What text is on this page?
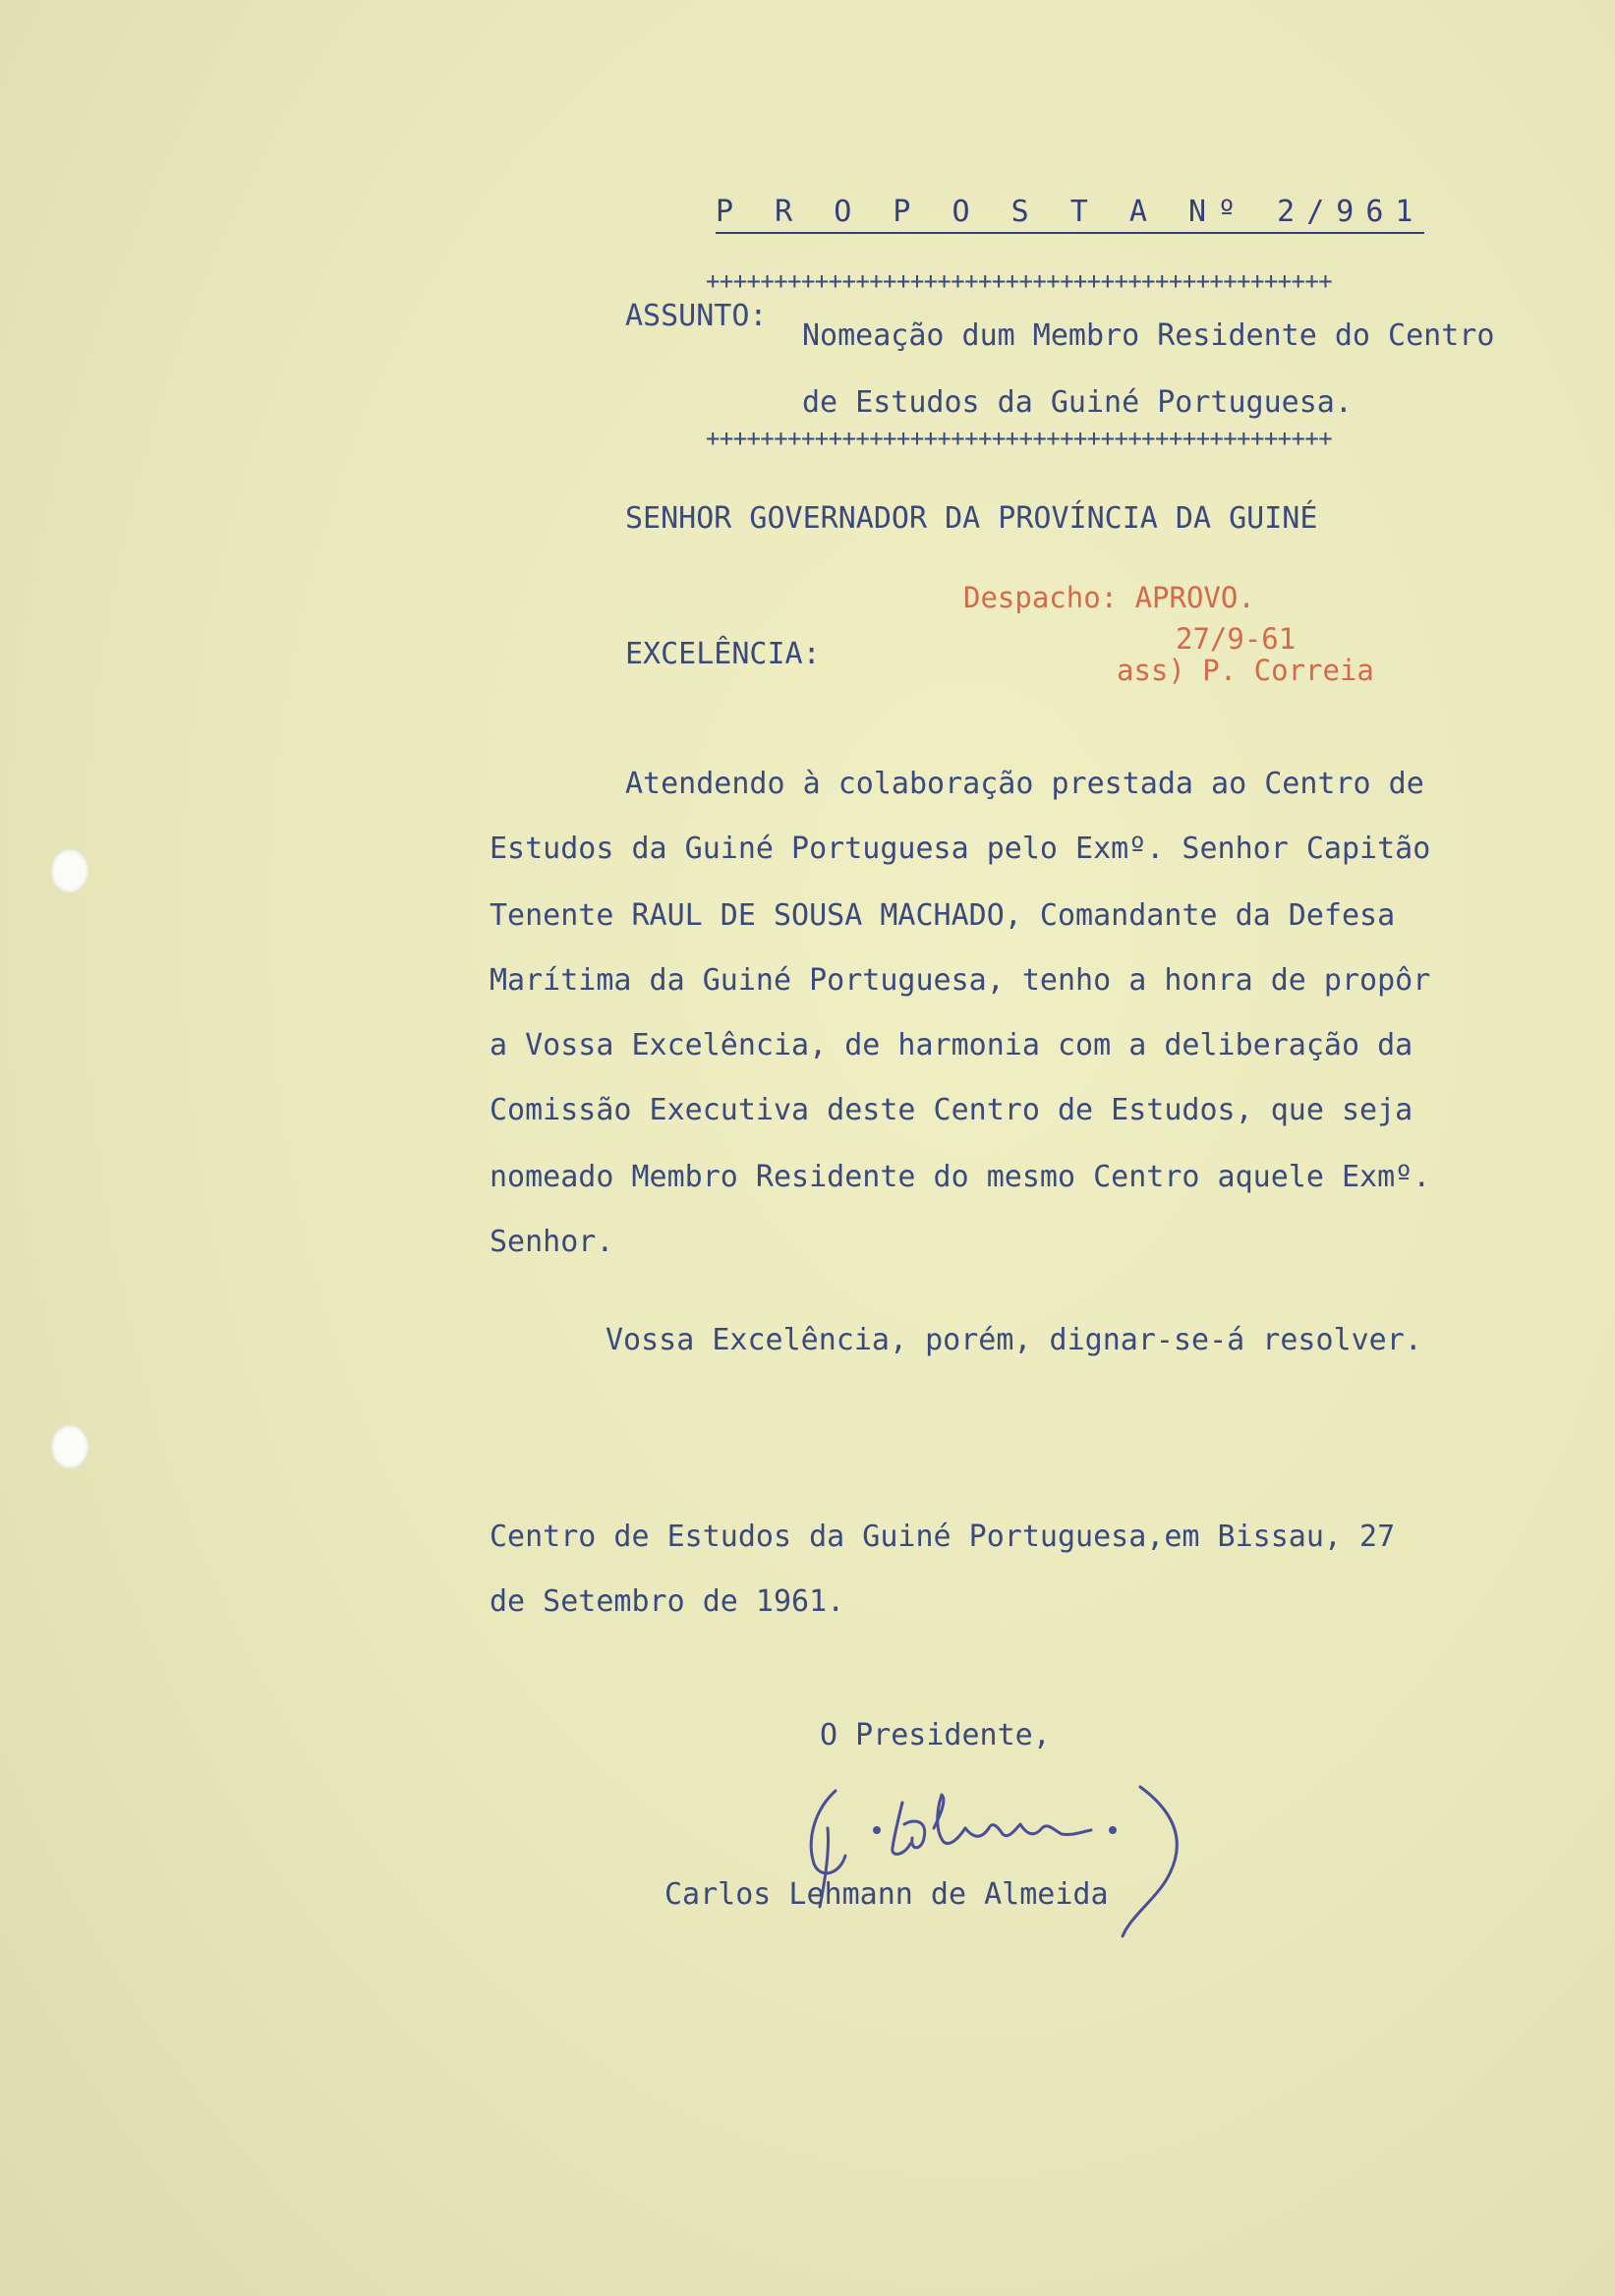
P R O P O S T A Nº 2/961
++++++++++++++++++++++++++++++++++++++++++++++
ASSUNTO:
Nomeação dum Membro Residente do Centro
de Estudos da Guiné Portuguesa.
++++++++++++++++++++++++++++++++++++++++++++++
SENHOR GOVERNADOR DA PROVÍNCIA DA GUINÉ
Despacho: APROVO.
27/9-61
ass) P. Correia
EXCELÊNCIA:
Atendendo à colaboração prestada ao Centro de
Estudos da Guiné Portuguesa pelo Exmº. Senhor Capitão
Tenente RAUL DE SOUSA MACHADO, Comandante da Defesa
Marítima da Guiné Portuguesa, tenho a honra de propôr
a Vossa Excelência, de harmonia com a deliberação da
Comissão Executiva deste Centro de Estudos, que seja
nomeado Membro Residente do mesmo Centro aquele Exmº.
Senhor.
Vossa Excelência, porém, dignar-se-á resolver.
Centro de Estudos da Guiné Portuguesa,em Bissau, 27
de Setembro de 1961.
O Presidente,
Carlos Lehmann de Almeida
